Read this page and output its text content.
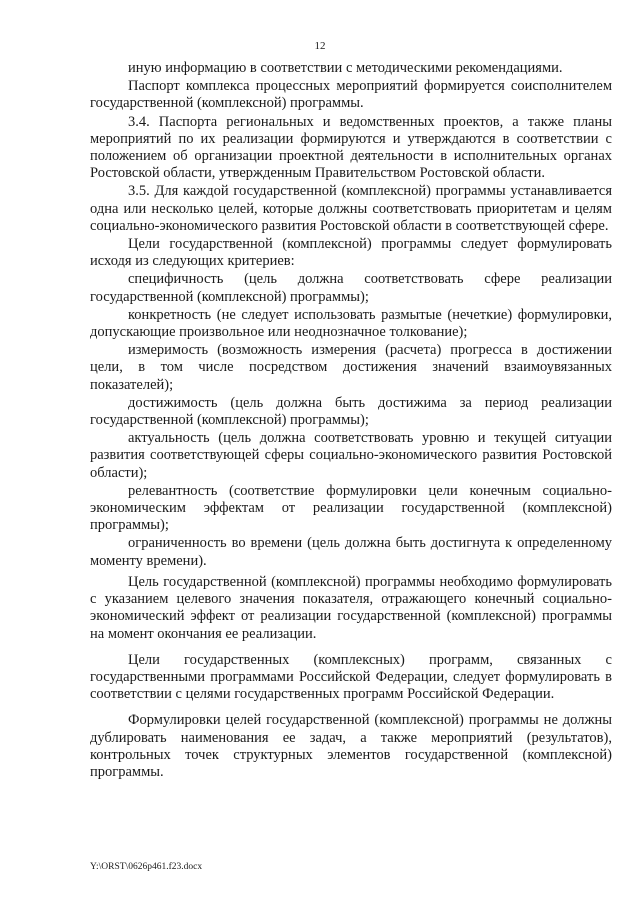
12

иную информацию в соответствии с методическими рекомендациями.

Паспорт комплекса процессных мероприятий формируется соисполнителем государственной (комплексной) программы.

3.4. Паспорта региональных и ведомственных проектов, а также планы мероприятий по их реализации формируются и утверждаются в соответствии с положением об организации проектной деятельности в исполнительных органах Ростовской области, утвержденным Правительством Ростовской области.

3.5. Для каждой государственной (комплексной) программы устанавливается одна или несколько целей, которые должны соответствовать приоритетам и целям социально-экономического развития Ростовской области в соответствующей сфере.

Цели государственной (комплексной) программы следует формулировать исходя из следующих критериев:

специфичность (цель должна соответствовать сфере реализации государственной (комплексной) программы);

конкретность (не следует использовать размытые (нечеткие) формулировки, допускающие произвольное или неоднозначное толкование);

измеримость (возможность измерения (расчета) прогресса в достижении цели, в том числе посредством достижения значений взаимоувязанных показателей);

достижимость (цель должна быть достижима за период реализации государственной (комплексной) программы);

актуальность (цель должна соответствовать уровню и текущей ситуации развития соответствующей сферы социально-экономического развития Ростовской области);

релевантность (соответствие формулировки цели конечным социально-экономическим эффектам от реализации государственной (комплексной) программы);

ограниченность во времени (цель должна быть достигнута к определенному моменту времени).

Цель государственной (комплексной) программы необходимо формулировать с указанием целевого значения показателя, отражающего конечный социально-экономический эффект от реализации государственной (комплексной) программы на момент окончания ее реализации.

Цели государственных (комплексных) программ, связанных с государственными программами Российской Федерации, следует формулировать в соответствии с целями государственных программ Российской Федерации.

Формулировки целей государственной (комплексной) программы не должны дублировать наименования ее задач, а также мероприятий (результатов), контрольных точек структурных элементов государственной (комплексной) программы.

Y:\ORST\0626p461.f23.docx
